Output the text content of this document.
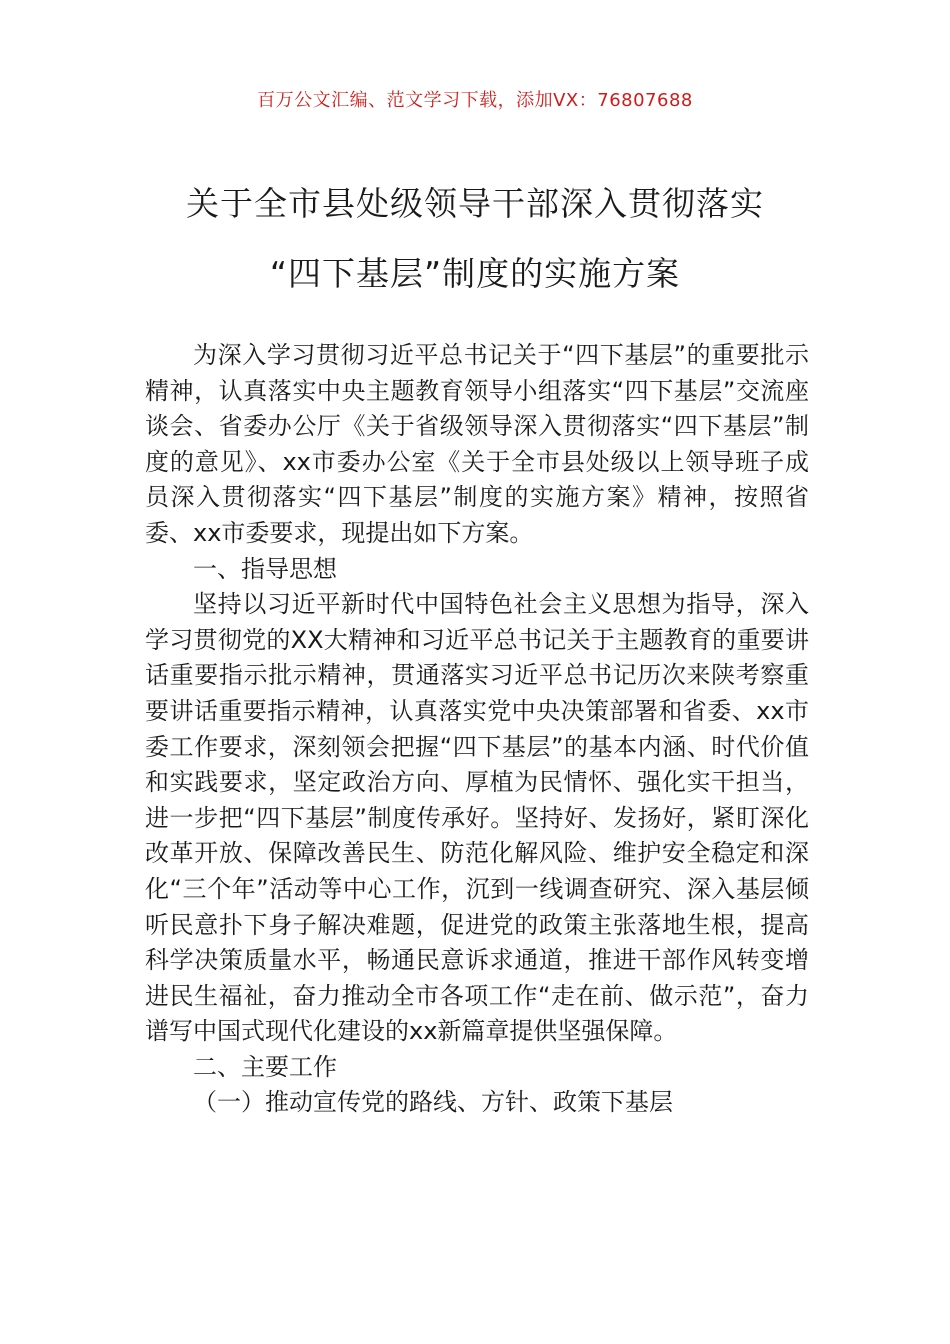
百万公文汇编、范文学习下载，添加VX：76807688
关于全市县处级领导干部深入贯彻落实
“四下基层”制度的实施方案

为深入学习贯彻习近平总书记关于“四下基层”的重要批示精神，认真落实中央主题教育领导小组落实“四下基层”交流座谈会、省委办公厅《关于省级领导深入贯彻落实“四下基层”制度的意见》、xx市委办公室《关于全市县处级以上领导班子成员深入贯彻落实“四下基层”制度的实施方案》精神，按照省委、xx市委要求，现提出如下方案。

一、指导思想

坚持以习近平新时代中国特色社会主义思想为指导，深入学习贯彻党的XX大精神和习近平总书记关于主题教育的重要讲话重要指示批示精神，贯通落实习近平总书记历次来陕考察重要讲话重要指示精神，认真落实党中央决策部署和省委、xx市委工作要求，深刻领会把握“四下基层”的基本内涵、时代价值和实践要求，坚定政治方向、厚植为民情怀、强化实干担当，进一步把“四下基层”制度传承好。坚持好、发扬好，紧盯深化改革开放、保障改善民生、防范化解风险、维护安全稳定和深化“三个年”活动等中心工作，沉到一线调查研究、深入基层倾听民意扑下身子解决难题，促进党的政策主张落地生根，提高科学决策质量水平，畅通民意诉求通道，推进干部作风转变增进民生福祉，奋力推动全市各项工作“走在前、做示范”，奋力谱写中国式现代化建设的xx新篇章提供坚强保障。

二、主要工作

（一）推动宣传党的路线、方针、政策下基层
